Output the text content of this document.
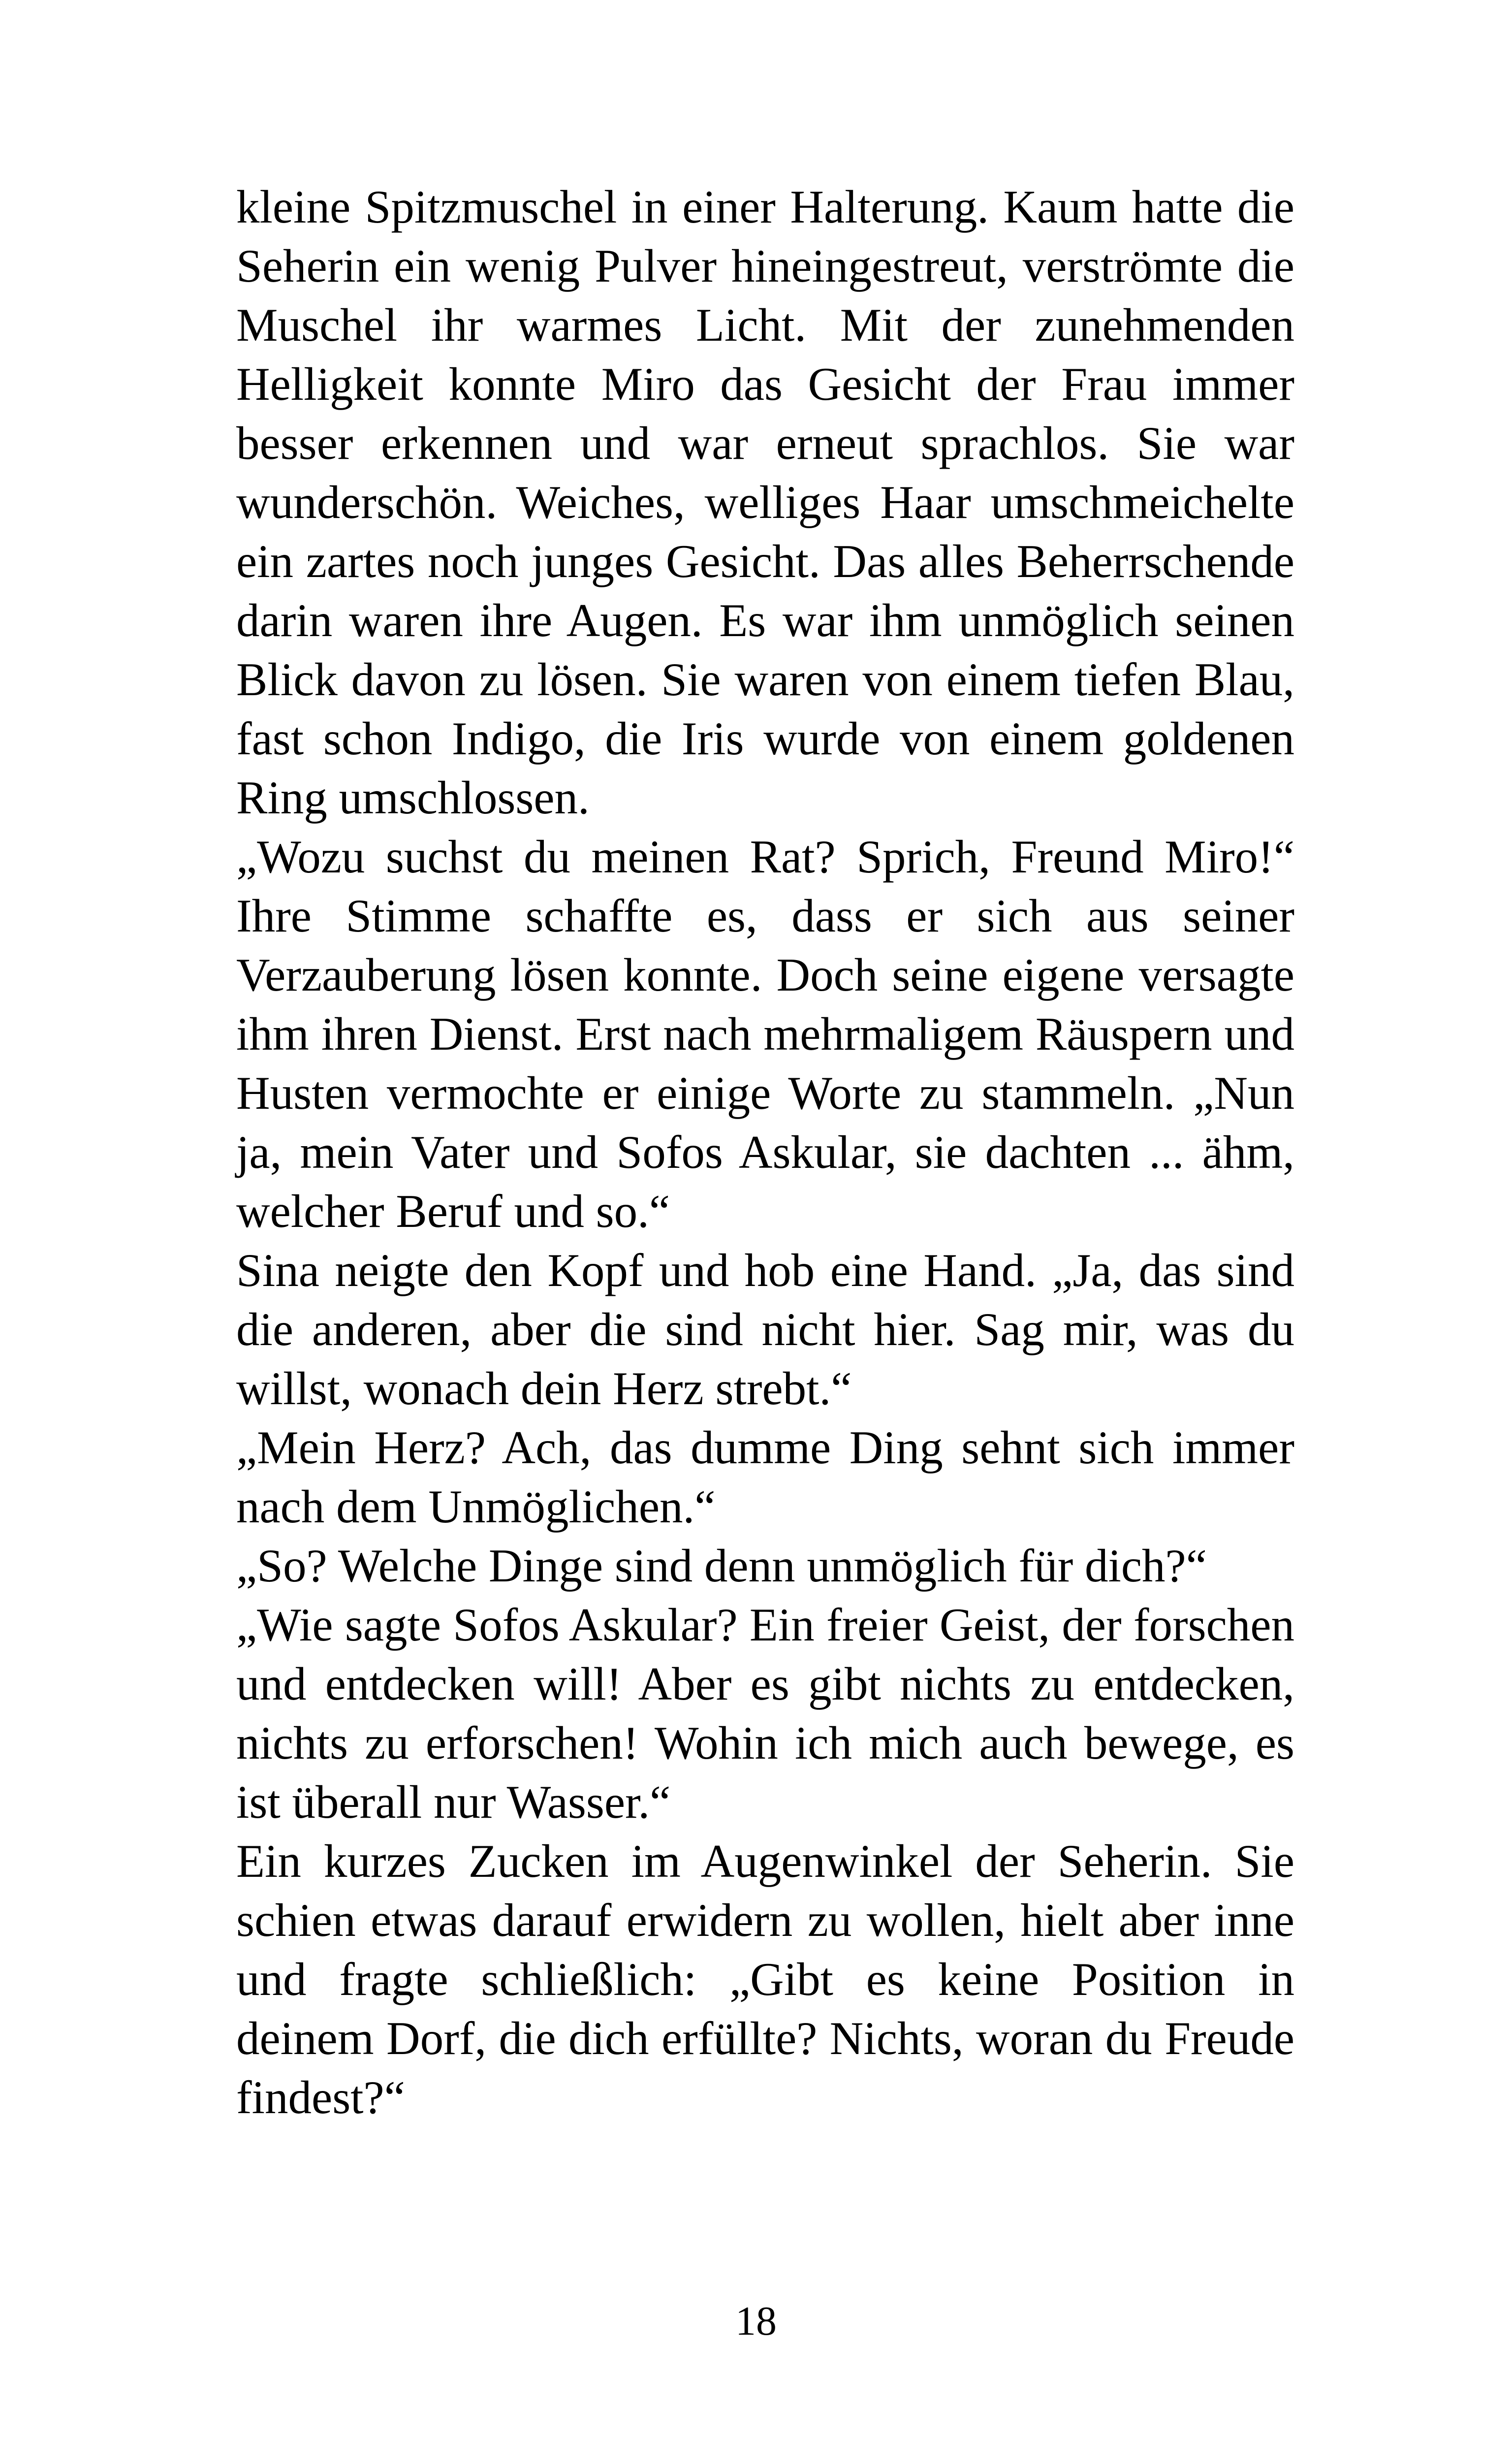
kleine Spitzmuschel in einer Halterung. Kaum hatte die Seherin ein wenig Pulver hineingestreut, verströmte die Muschel ihr warmes Licht. Mit der zunehmenden Helligkeit konnte Miro das Gesicht der Frau immer besser erkennen und war erneut sprachlos. Sie war wunderschön. Weiches, welliges Haar umschmeichelte ein zartes noch junges Gesicht. Das alles Beherrschende darin waren ihre Augen. Es war ihm unmöglich seinen Blick davon zu lösen. Sie waren von einem tiefen Blau, fast schon Indigo, die Iris wurde von einem goldenen Ring umschlossen.

„Wozu suchst du meinen Rat? Sprich, Freund Miro!“ Ihre Stimme schaffte es, dass er sich aus seiner Verzauberung lösen konnte. Doch seine eigene versagte ihm ihren Dienst. Erst nach mehrmaligem Räuspern und Husten vermochte er einige Worte zu stammeln. „Nun ja, mein Vater und Sofos Askular, sie dachten ... ähm, welcher Beruf und so.“

Sina neigte den Kopf und hob eine Hand. „Ja, das sind die anderen, aber die sind nicht hier. Sag mir, was du willst, wonach dein Herz strebt.“

„Mein Herz? Ach, das dumme Ding sehnt sich immer nach dem Unmöglichen.“

„So? Welche Dinge sind denn unmöglich für dich?“

„Wie sagte Sofos Askular? Ein freier Geist, der forschen und entdecken will! Aber es gibt nichts zu entdecken, nichts zu erforschen! Wohin ich mich auch bewege, es ist überall nur Wasser.“

Ein kurzes Zucken im Augenwinkel der Seherin. Sie schien etwas darauf erwidern zu wollen, hielt aber inne und fragte schließlich: „Gibt es keine Position in deinem Dorf, die dich erfüllte? Nichts, woran du Freude findest?“

18
